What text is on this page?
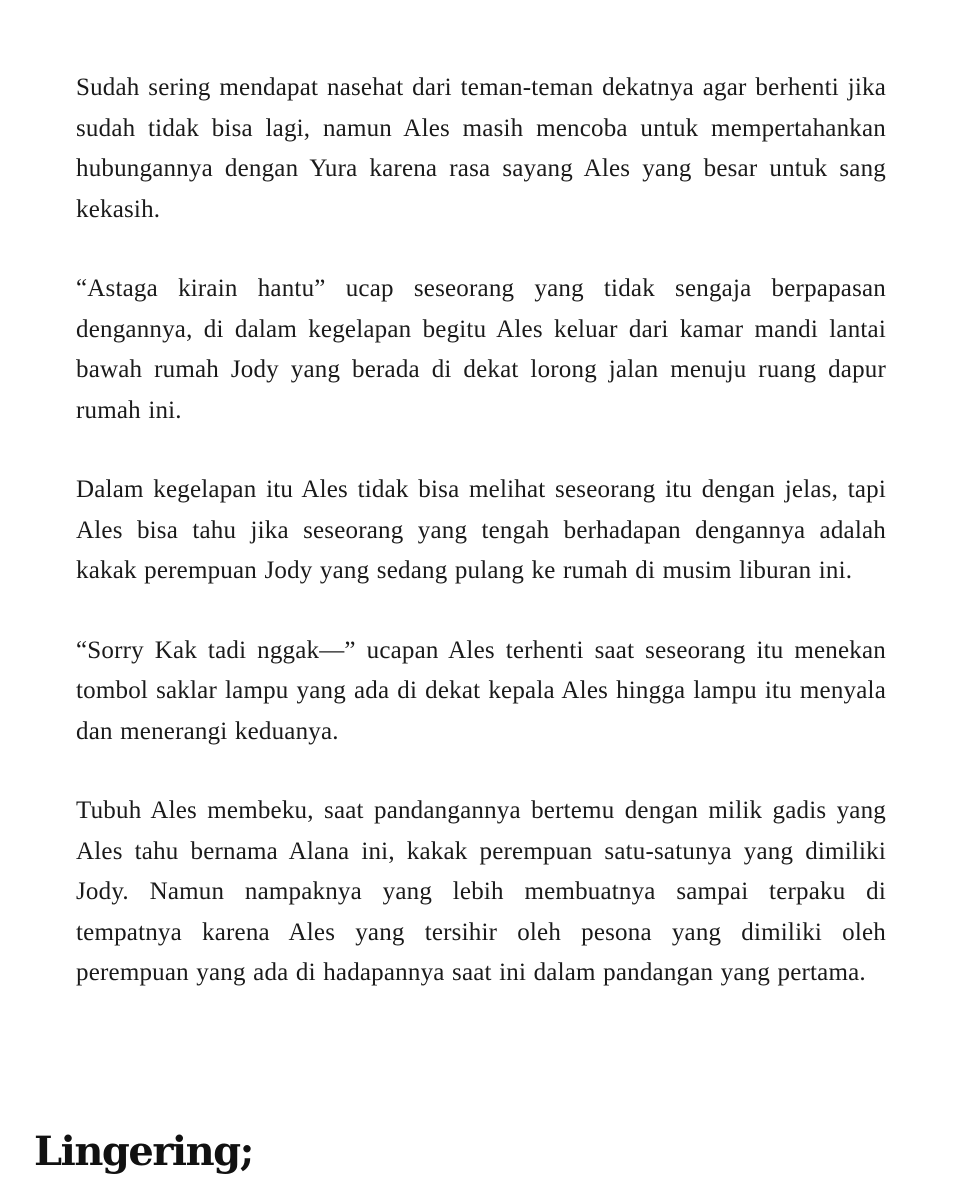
Sudah sering mendapat nasehat dari teman-teman dekatnya agar berhenti jika sudah tidak bisa lagi, namun Ales masih mencoba untuk mempertahankan hubungannya dengan Yura karena rasa sayang Ales yang besar untuk sang kekasih.

“Astaga kirain hantu” ucap seseorang yang tidak sengaja berpapasan dengannya, di dalam kegelapan begitu Ales keluar dari kamar mandi lantai bawah rumah Jody yang berada di dekat lorong jalan menuju ruang dapur rumah ini.

Dalam kegelapan itu Ales tidak bisa melihat seseorang itu dengan jelas, tapi Ales bisa tahu jika seseorang yang tengah berhadapan dengannya adalah kakak perempuan Jody yang sedang pulang ke rumah di musim liburan ini.

“Sorry Kak tadi nggak—” ucapan Ales terhenti saat seseorang itu menekan tombol saklar lampu yang ada di dekat kepala Ales hingga lampu itu menyala dan menerangi keduanya.

Tubuh Ales membeku, saat pandangannya bertemu dengan milik gadis yang Ales tahu bernama Alana ini, kakak perempuan satu-satunya yang dimiliki Jody. Namun nampaknya yang lebih membuatnya sampai terpaku di tempatnya karena Ales yang tersihir oleh pesona yang dimiliki oleh perempuan yang ada di hadapannya saat ini dalam pandangan yang pertama.

Lingering;
